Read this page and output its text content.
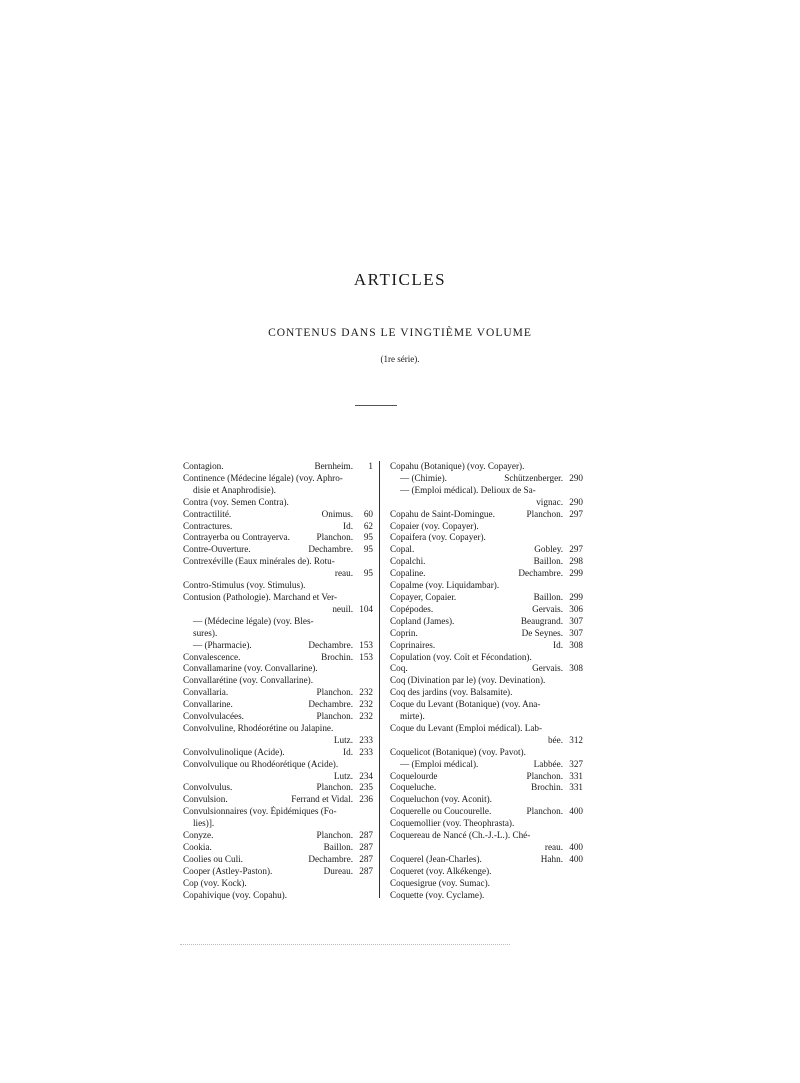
ARTICLES
CONTENUS DANS LE VINGTIÈME VOLUME
(1re série).
Contagion.	Bernheim.	1
Continence (Médecine légale) (voy. Aphro-
disie et Anaphrodisie).
Contra (voy. Semen Contra).
Contractilité.	Onimus.	60
Contractures.	Id.	62
Contrayerba ou Contrayerva.	Planchon.	95
Contre-Ouverture.	Dechambre.	95
Contrexéville (Eaux minérales de). Rotu-
reau.	95
Contro-Stimulus (voy. Stimulus).
Contusion (Pathologie). Marchand et Ver-
neuil. 104
— (Médecine légale) (voy. Bles-
sures).
— (Pharmacie).	Dechambre. 153
Convalescence.	Brochin. 153
Convallamarine (voy. Convallarine).
Convallarétine (voy. Convallarine).
Convallaria.	Planchon. 232
Convallarine.	Dechambre. 232
Convolvulacées.	Planchon. 232
Convolvuline, Rhodéorétine ou Jalapine.
Lutz. 233
Convolvulinolique (Acide).	Id. 233
Convolvulique ou Rhodéorétique (Acide).
Lutz. 234
Convolvulus.	Planchon. 235
Convulsion.	Ferrand et Vidal. 236
Convulsionnaires (voy. Épidémiques (Fo-
lies)].
Conyze.	Planchon. 287
Cookia.	Baillon. 287
Coolies ou Culi.	Dechambre. 287
Cooper (Astley-Paston).	Dureau. 287
Cop (voy. Kock).
Copahivique (voy. Copahu).
Copahu (Botanique) (voy. Copayer).
— (Chimie).	Schützenberger. 290
— (Emploi médical). Delioux de Sa-
vignac. 290
Copahu de Saint-Domingue.	Planchon. 297
Copaier (voy. Copayer).
Copaifera (voy. Copayer).
Copal.	Gobley. 297
Copalchi.	Baillon. 298
Copaline.	Dechambre. 299
Copalme (voy. Liquidambar).
Copayer, Copaier.	Baillon. 299
Copépodes.	Gervais. 306
Copland (James).	Beaugrand. 307
Coprin.	De Seynes. 307
Coprinaires.	Id. 308
Copulation (voy. Coït et Fécondation).
Coq.	Gervais. 308
Coq (Divination par le) (voy. Devination).
Coq des jardins (voy. Balsamite).
Coque du Levant (Botanique) (voy. Ana-
mirte).
Coque du Levant (Emploi médical). Lab-
bée. 312
Coquelicot (Botanique) (voy. Pavot).
— (Emploi médical).	Labbée. 327
Coquelourde	Planchon. 331
Coqueluche.	Brochin. 331
Coqueluchon (voy. Aconit).
Coquerelle ou Coucourelle.	Planchon. 400
Coquemollier (voy. Theophrasta).
Coquereau de Nancé (Ch.-J.-L.). Ché-
reau. 400
Coquerel (Jean-Charles).	Hahn. 400
Coqueret (voy. Alkékenge).
Coquesigrue (voy. Sumac).
Coquette (voy. Cyclame).
